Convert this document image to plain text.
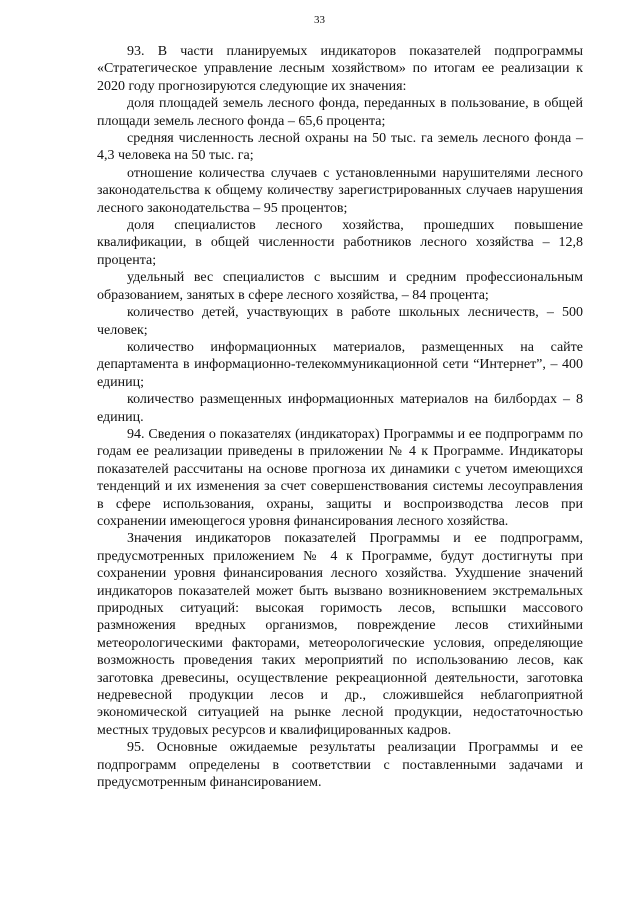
33

93. В части планируемых индикаторов показателей подпрограммы «Стратегическое управление лесным хозяйством» по итогам ее реализации к 2020 году прогнозируются следующие их значения:

доля площадей земель лесного фонда, переданных в пользование, в общей площади земель лесного фонда – 65,6 процента;

средняя численность лесной охраны на 50 тыс. га земель лесного фонда – 4,3 человека на 50 тыс. га;

отношение количества случаев с установленными нарушителями лесного законодательства к общему количеству зарегистрированных случаев нарушения лесного законодательства – 95 процентов;

доля специалистов лесного хозяйства, прошедших повышение квалификации, в общей численности работников лесного хозяйства – 12,8 процента;

удельный вес специалистов с высшим и средним профессиональным образованием, занятых в сфере лесного хозяйства, – 84 процента;

количество детей, участвующих в работе школьных лесничеств, – 500 человек;

количество информационных материалов, размещенных на сайте департамента в информационно-телекоммуникационной сети “Интернет”, – 400 единиц;

количество размещенных информационных материалов на билбордах – 8 единиц.

94. Сведения о показателях (индикаторах) Программы и ее подпрограмм по годам ее реализации приведены в приложении № 4 к Программе. Индикаторы показателей рассчитаны на основе прогноза их динамики с учетом имеющихся тенденций и их изменения за счет совершенствования системы лесоуправления в сфере использования, охраны, защиты и воспроизводства лесов при сохранении имеющегося уровня финансирования лесного хозяйства.

Значения индикаторов показателей Программы и ее подпрограмм, предусмотренных приложением № 4 к Программе, будут достигнуты при сохранении уровня финансирования лесного хозяйства. Ухудшение значений индикаторов показателей может быть вызвано возникновением экстремальных природных ситуаций: высокая горимость лесов, вспышки массового размножения вредных организмов, повреждение лесов стихийными метеорологическими факторами, метеорологические условия, определяющие возможность проведения таких мероприятий по использованию лесов, как заготовка древесины, осуществление рекреационной деятельности, заготовка недревесной продукции лесов и др., сложившейся неблагоприятной экономической ситуацией на рынке лесной продукции, недостаточностью местных трудовых ресурсов и квалифицированных кадров.

95. Основные ожидаемые результаты реализации Программы и ее подпрограмм определены в соответствии с поставленными задачами и предусмотренным финансированием.
